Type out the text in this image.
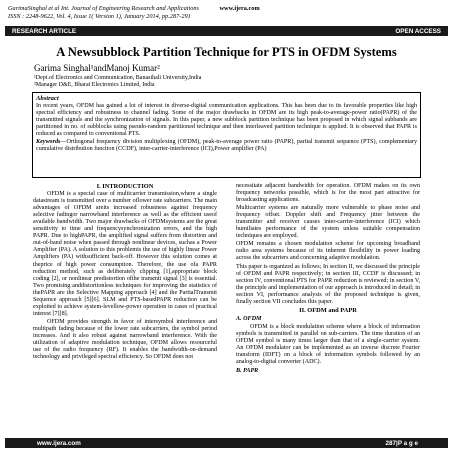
GarimaSinghal et al Int. Journal of Engineering Research and Applications	www.ijera.com
ISSN : 2248-9622, Vol. 4, Issue 1( Version 1), January 2014, pp.287-291
RESEARCH ARTICLE	OPEN ACCESS
A Newsubblock Partition Technique for PTS in OFDM Systems
Garima Singhal¹andManoj Kumar²
¹Dept.of Electronics and Communication, Banasthali University,India
²Manager D&E, Bharat Electronics Limited, India
Abstract
In recent years, OFDM has gained a lot of interest in diverse-digital communication applications. This has been due to its favorable properties like high spectral efficiency and robustness to channel fading. Some of the major drawbacks in OFDM are its high peak-to-average-power ratio(PAPR) of the transmitted signals and the synchronization of signals. In this paper, a new subblock partition technique has been proposed in which signal subbands are partitioned in no. of subblocks using pseudo-random partitioned technique and then interleaved partition technique is applied. It is observed that PAPR is reduced as compared to conventional PTS.
Keywords—Orthogonal frequency division multiplexing (OFDM), peak-to-average power ratio (PAPR), partial transmit sequence (PTS), complementary cumulative distribution function (CCDF), inter-carrier-interference (ICI),Power amplifier (PA)
I. INTRODUCTION

OFDM is a special case of multicarrier transmission,where a single datastream is transmitted over a number oflower rate subcarriers. The main advantages of OFDM areits increased robustness against frequency selective fadingor narrowband interference as well as the efficient useof available bandwidth. Two major drawbacks of OFDMsystems are the great sensitivity to time and frequencysynchronization errors, and the high PAPR. Due to highPAPR, the amplified signal suffers from distortion and out-of-band noise when passed through nonlinear devices, suchas a Power Amplifier (PA). A solution to this problemis the use of highly linear Power Amplifiers (PA) withsufficient back-off. However this solution comes at theprice of high power consumption. Therefore, the use ofa PAPR reduction method, such as deliberately clipping [1],appropriate block coding [2], or nonlinear predistortion ofthe transmit signal [3] is essential. Two promising anddistortionless techniques for improving the statistics of thePAPR are the Selective Mapping approach [4] and the PartialTransmit Sequence approach [5][6]. SLM and PTS-basedPAPR reduction can be exploited to achieve system-levellow-power operation in cases of practical interest [7][8].

OFDM provides strength in favor of intersymbol interference and multipath fading because of the lower rate subcarriers, the symbol period increases. And it also robust against narrowband interference. With the utilization of adaptive modulation technique, OFDM allows resourceful use of the radio frequency (RF). It enables the bandwidth-on-demand technology and privileged spectral efficiency. So OFDM does not

necessitate adjacent bandwidth for operation. OFDM makes on its own frequency networks possible, which is for the most part attractive for broadcasting applications.

Multicarrier systems are naturally more vulnerable to phase noise and frequency offset. Doppler shift and Frequency jitter between the transmitter and receiver causes inter-carrier-interference (ICI) which humiliates performance of the system unless suitable compensation techniques are employed.

OFDM remains a chosen modulation scheme for upcoming broadband radio area systems because of its inherent flexibility in power loading across the subcarriers and concerning adaptive modulation.

This paper is organized as follows; In section II, we discussed the principle of OFDM and PAPR respectively; in section III, CCDF is discussed; in section IV, conventional PTS for PAPR reduction is reviewed; in section V, the principle and implementation of our approach is introduced in detail; in section VI, performance analysis of the proposed technique is given, finally section VII concludes this paper.

II. OFDM and PAPR
A. OFDM

OFDM is a block modulation scheme where a block of information symbols is transmitted in parallel on sub-carriers. The time duration of an OFDM symbol is many times larger than that of a single-carrier system. An OFDM modulator can be implemented as an inverse discrete Fourier transform (IDFT) on a block of information symbols followed by an analog-to-digital converter (ADC).

B. PAPR
www.ijera.com	287|P a g e
